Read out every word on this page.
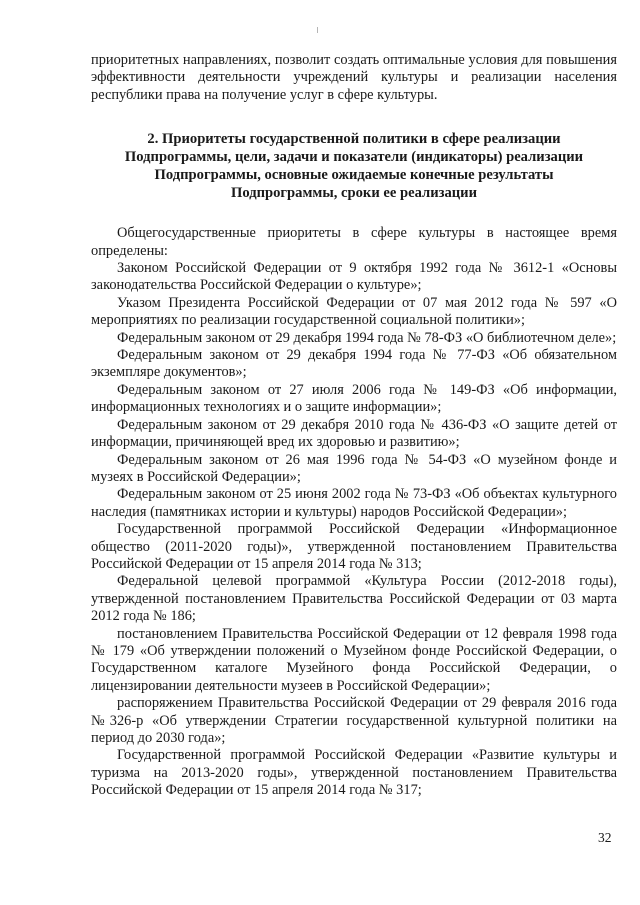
приоритетных направлениях, позволит создать оптимальные условия для повышения эффективности деятельности учреждений культуры и реализации населения республики права на получение услуг в сфере культуры.

2. Приоритеты государственной политики в сфере реализации
Подпрограммы, цели, задачи и показатели (индикаторы) реализации
Подпрограммы, основные ожидаемые конечные результаты
Подпрограммы, сроки ее реализации

Общегосударственные приоритеты в сфере культуры в настоящее время определены:

Законом Российской Федерации от 9 октября 1992 года № 3612-1 «Основы законодательства Российской Федерации о культуре»;

Указом Президента Российской Федерации от 07 мая 2012 года № 597 «О мероприятиях по реализации государственной социальной политики»;

Федеральным законом от 29 декабря 1994 года № 78-ФЗ «О библиотечном деле»;

Федеральным законом от 29 декабря 1994 года № 77-ФЗ «Об обязательном экземпляре документов»;

Федеральным законом от 27 июля 2006 года № 149-ФЗ «Об информации, информационных технологиях и о защите информации»;

Федеральным законом от 29 декабря 2010 года № 436-ФЗ «О защите детей от информации, причиняющей вред их здоровью и развитию»;

Федеральным законом от 26 мая 1996 года № 54-ФЗ «О музейном фонде и музеях в Российской Федерации»;

Федеральным законом от 25 июня 2002 года № 73-ФЗ «Об объектах культурного наследия (памятниках истории и культуры) народов Российской Федерации»;

Государственной программой Российской Федерации «Информационное общество (2011-2020 годы)», утвержденной постановлением Правительства Российской Федерации от 15 апреля 2014 года № 313;

Федеральной целевой программой «Культура России (2012-2018 годы), утвержденной постановлением Правительства Российской Федерации от 03 марта 2012 года № 186;

постановлением Правительства Российской Федерации от 12 февраля 1998 года № 179 «Об утверждении положений о Музейном фонде Российской Федерации, о Государственном каталоге Музейного фонда Российской Федерации, о лицензировании деятельности музеев в Российской Федерации»;

распоряжением Правительства Российской Федерации от 29 февраля 2016 года №326-р «Об утверждении Стратегии государственной культурной политики на период до 2030 года»;

Государственной программой Российской Федерации «Развитие культуры и туризма на 2013-2020 годы», утвержденной постановлением Правительства Российской Федерации от 15 апреля 2014 года № 317;

32
